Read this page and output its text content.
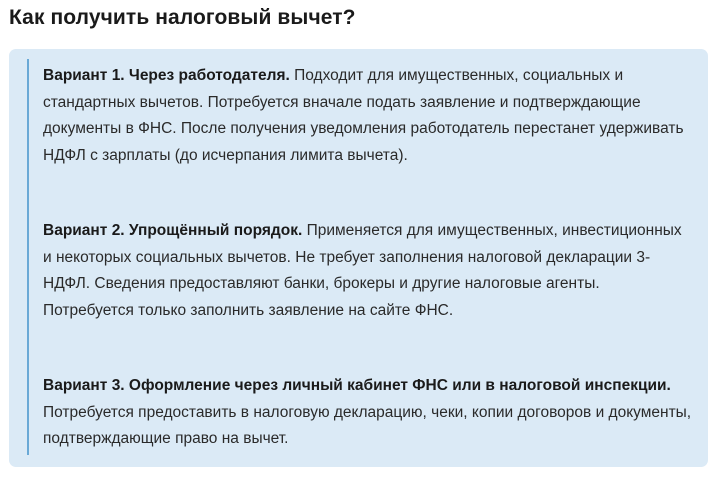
Как получить налоговый вычет?

Вариант 1. Через работодателя. Подходит для имущественных, социальных и стандартных вычетов. Потребуется вначале подать заявление и подтверждающие документы в ФНС. После получения уведомления работодатель перестанет удерживать НДФЛ с зарплаты (до исчерпания лимита вычета).

Вариант 2. Упрощённый порядок. Применяется для имущественных, инвестиционных и некоторых социальных вычетов. Не требует заполнения налоговой декларации 3-НДФЛ. Сведения предоставляют банки, брокеры и другие налоговые агенты. Потребуется только заполнить заявление на сайте ФНС.

Вариант 3. Оформление через личный кабинет ФНС или в налоговой инспекции. Потребуется предоставить в налоговую декларацию, чеки, копии договоров и документы, подтверждающие право на вычет.
